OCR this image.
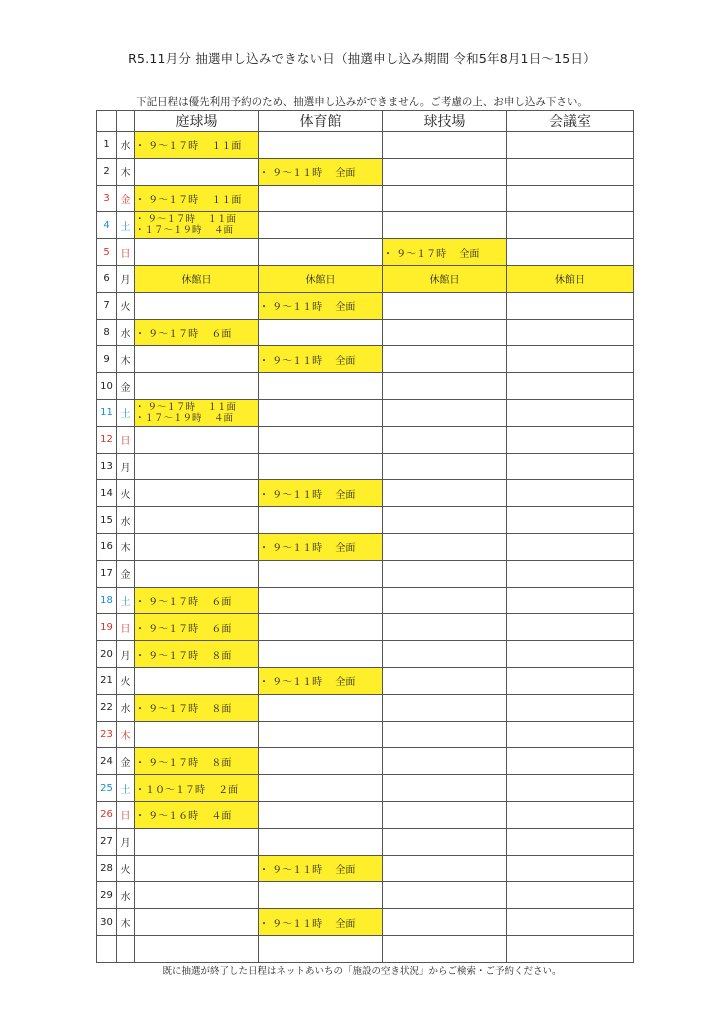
R5.11月分 抽選申し込みできない日（抽選申し込み期間 令和5年8月1日～15日）
下記日程は優先利用予約のため、抽選申し込みができません。ご考慮の上、お申し込み下さい。
		庭球場	体育館	球技場	会議室
1	水	・ ９～１７時　 １１面			
2	木		・ ９～１１時　 全面		
3	金	・ ９～１７時　 １１面			
4	土	・ ９～１７時　 １１面
・１７～１９時　 ４面			

5	日			・ ９～１７時　 全面	
6	月	休館日	休館日	休館日	休館日
7	火		・ ９～１１時　 全面		
8	水	・ ９～１７時　 ６面			
9	木		・ ９～１１時　 全面		
10	金				
11	土	・ ９～１７時　 １１面
・１７～１９時　 ４面			

12	日				
13	月				
14	火		・ ９～１１時　 全面		
15	水				
16	木		・ ９～１１時　 全面		
17	金				
18	土	・ ９～１７時　 ６面			
19	日	・ ９～１７時　 ６面			
20	月	・ ９～１７時　 ８面			
21	火		・ ９～１１時　 全面		
22	水	・ ９～１７時　 ８面			
23	木				
24	金	・ ９～１７時　 ８面			
25	土	・１０～１７時　 ２面			
26	日	・ ９～１６時　 ４面			
27	月				
28	火		・ ９～１１時　 全面		
29	水				
30	木		・ ９～１１時　 全面		

既に抽選が終了した日程はネットあいちの「施設の空き状況」からご検索・ご予約ください。
